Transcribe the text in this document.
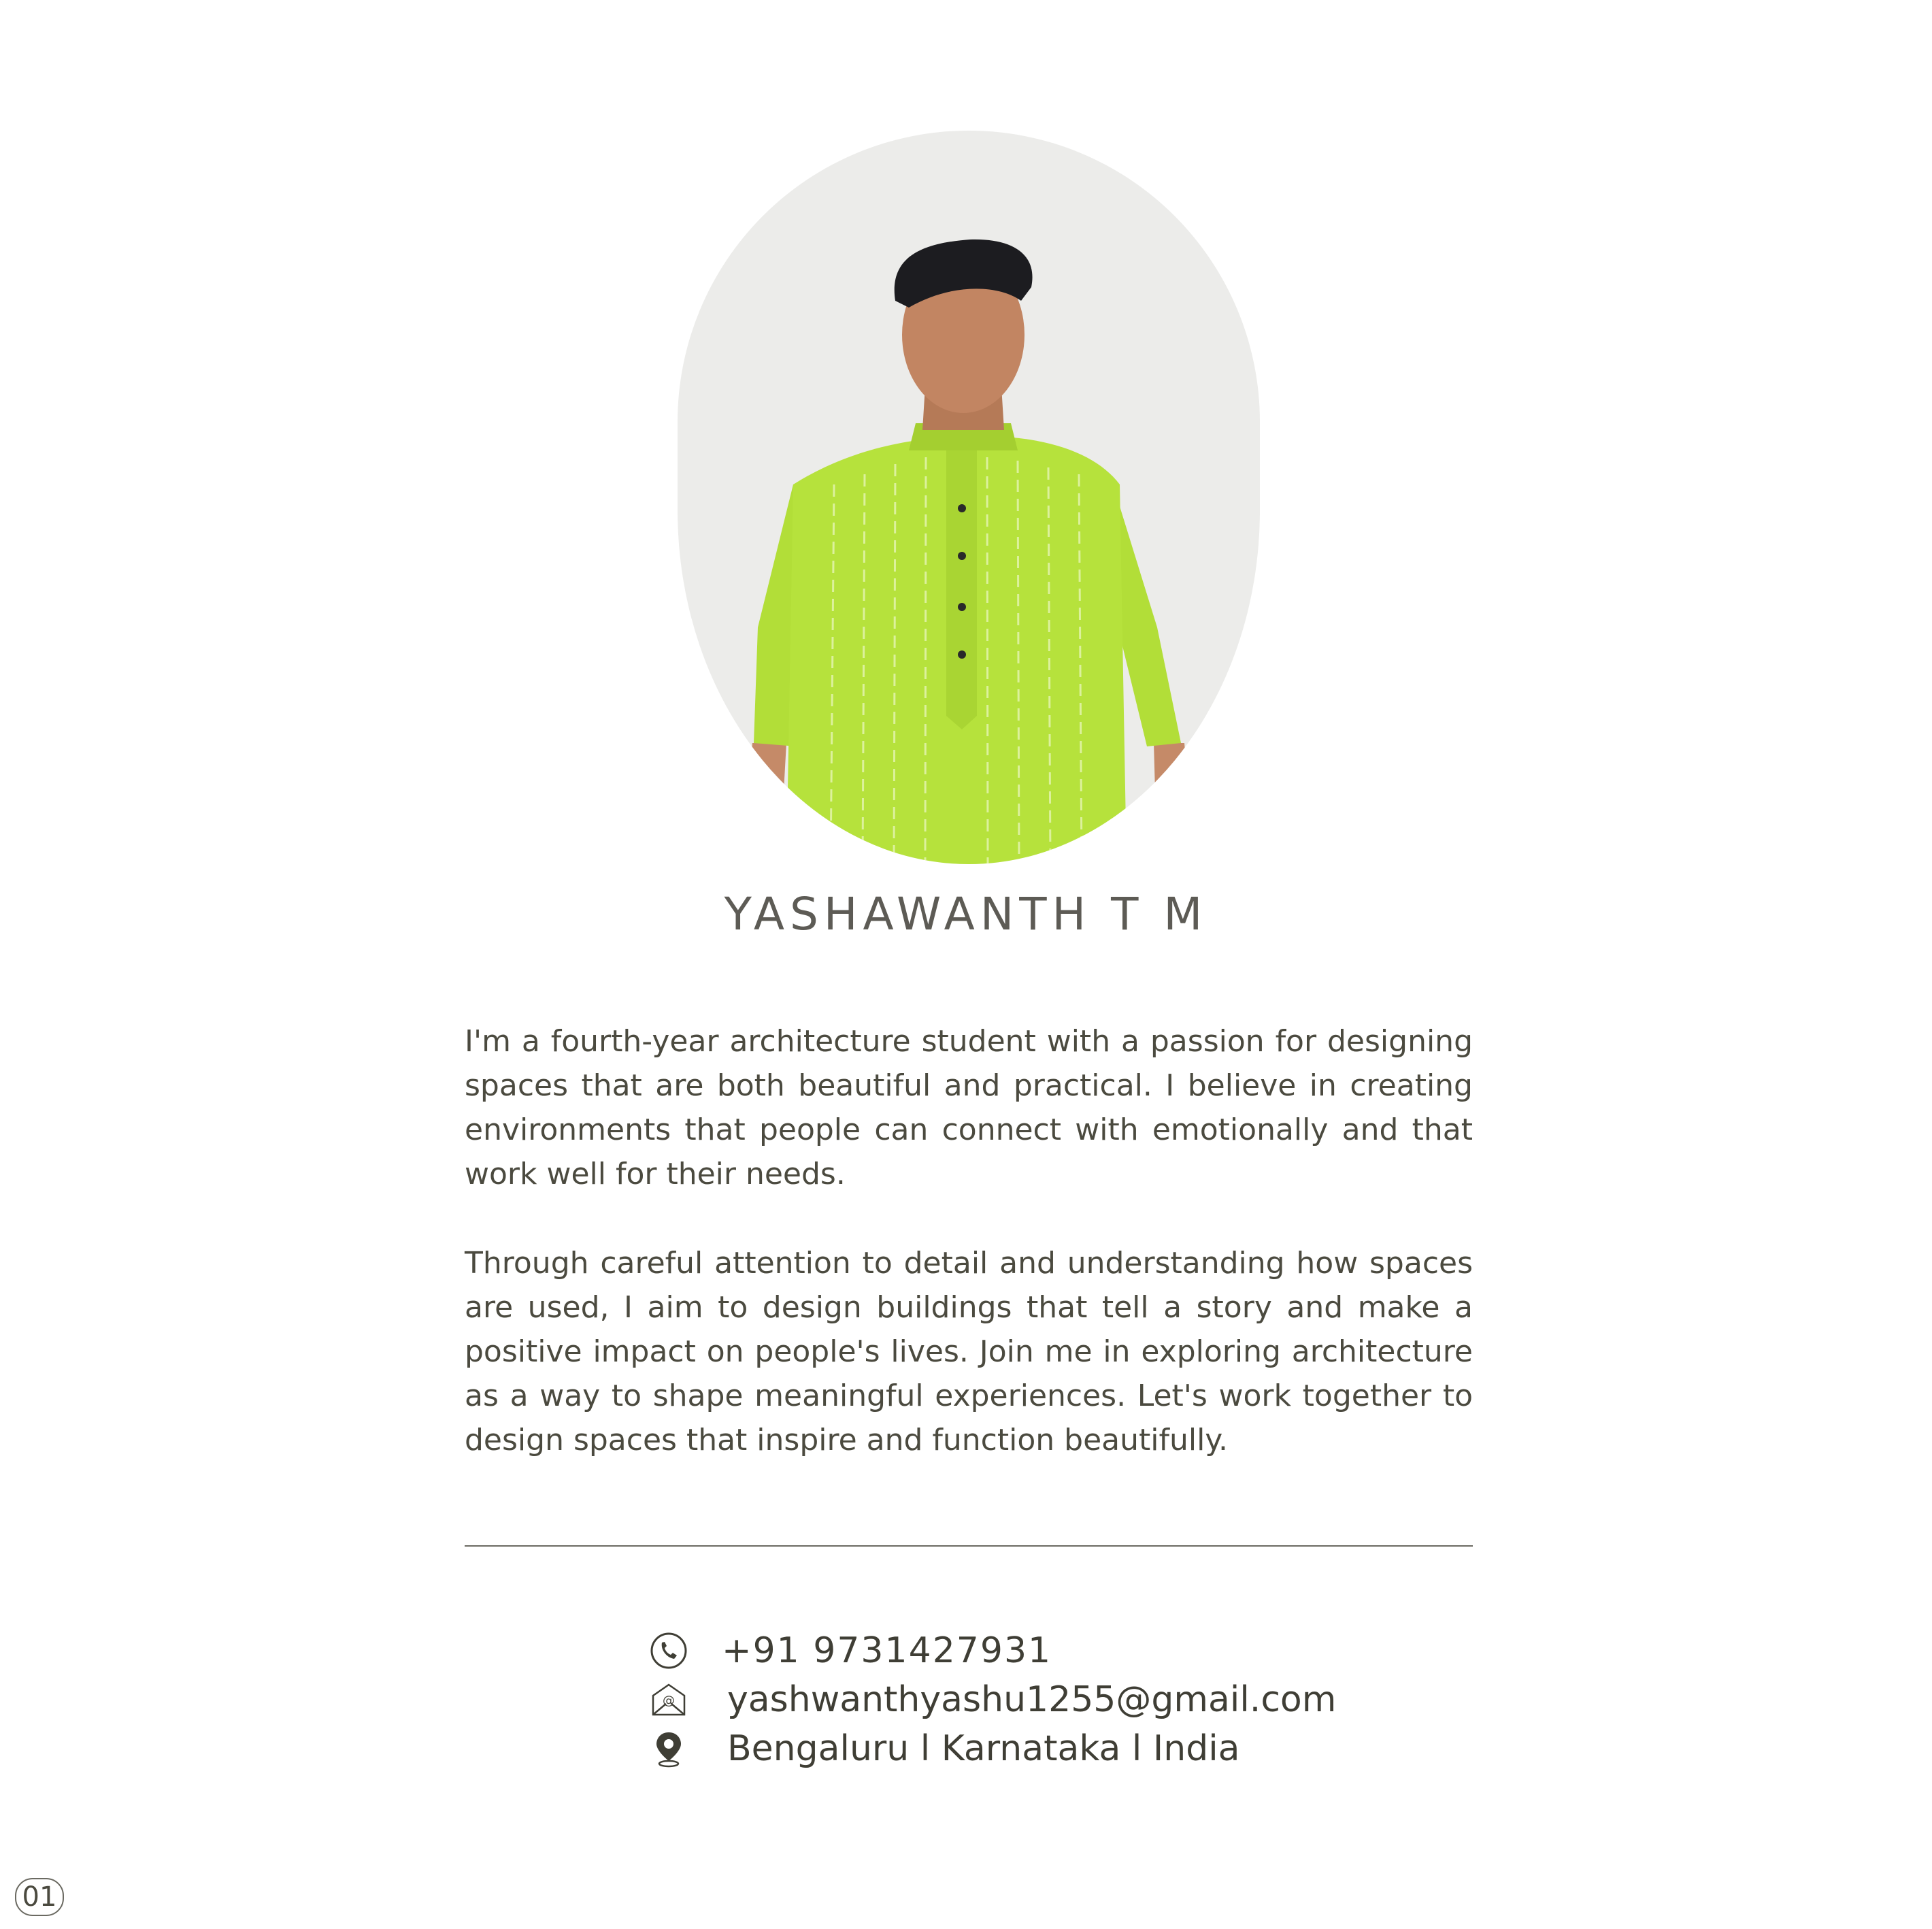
YASHAWANTH T M

I'm a fourth-year architecture student with a passion for designing spaces that are both beautiful and practical. I believe in creating environments that people can connect with emotionally and that work well for their needs.

Through careful attention to detail and understanding how spaces are used, I aim to design buildings that tell a story and make a positive impact on people's lives. Join me in exploring architecture as a way to shape meaningful experiences. Let's work together to design spaces that inspire and function beautifully.

+91 9731427931
@ yashwanthyashu1255@gmail.com
Bengaluru l Karnataka l India
01
